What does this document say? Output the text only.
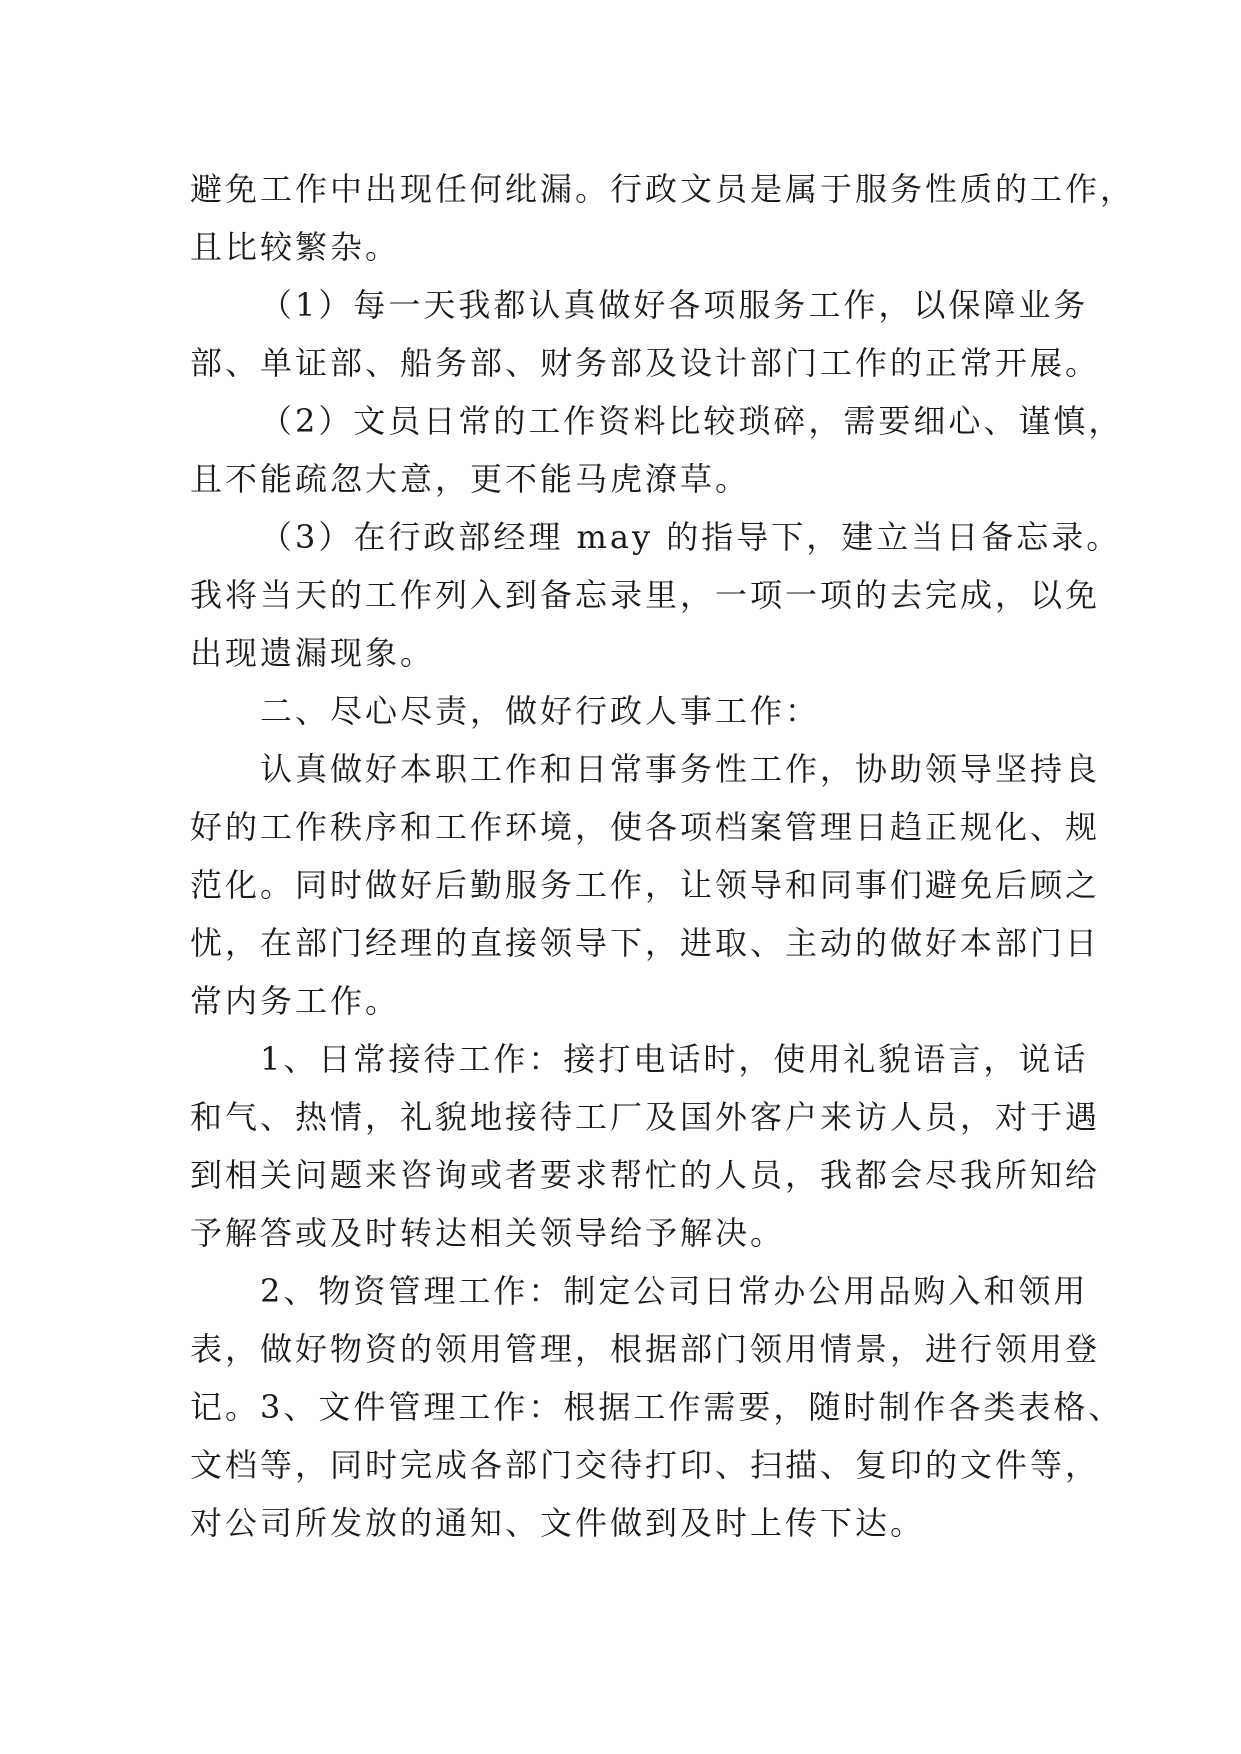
避免工作中出现任何纰漏。行政文员是属于服务性质的工作，
且比较繁杂。
（1）每一天我都认真做好各项服务工作，以保障业务
部、单证部、船务部、财务部及设计部门工作的正常开展。
（2）文员日常的工作资料比较琐碎，需要细心、谨慎，
且不能疏忽大意，更不能马虎潦草。
（3）在行政部经理 may 的指导下，建立当日备忘录。
我将当天的工作列入到备忘录里，一项一项的去完成，以免
出现遗漏现象。
二、尽心尽责，做好行政人事工作：
认真做好本职工作和日常事务性工作，协助领导坚持良
好的工作秩序和工作环境，使各项档案管理日趋正规化、规
范化。同时做好后勤服务工作，让领导和同事们避免后顾之
忧，在部门经理的直接领导下，进取、主动的做好本部门日
常内务工作。
1、日常接待工作：接打电话时，使用礼貌语言，说话
和气、热情，礼貌地接待工厂及国外客户来访人员，对于遇
到相关问题来咨询或者要求帮忙的人员，我都会尽我所知给
予解答或及时转达相关领导给予解决。
2、物资管理工作：制定公司日常办公用品购入和领用
表，做好物资的领用管理，根据部门领用情景，进行领用登
记。3、文件管理工作：根据工作需要，随时制作各类表格、
文档等，同时完成各部门交待打印、扫描、复印的文件等，
对公司所发放的通知、文件做到及时上传下达。
